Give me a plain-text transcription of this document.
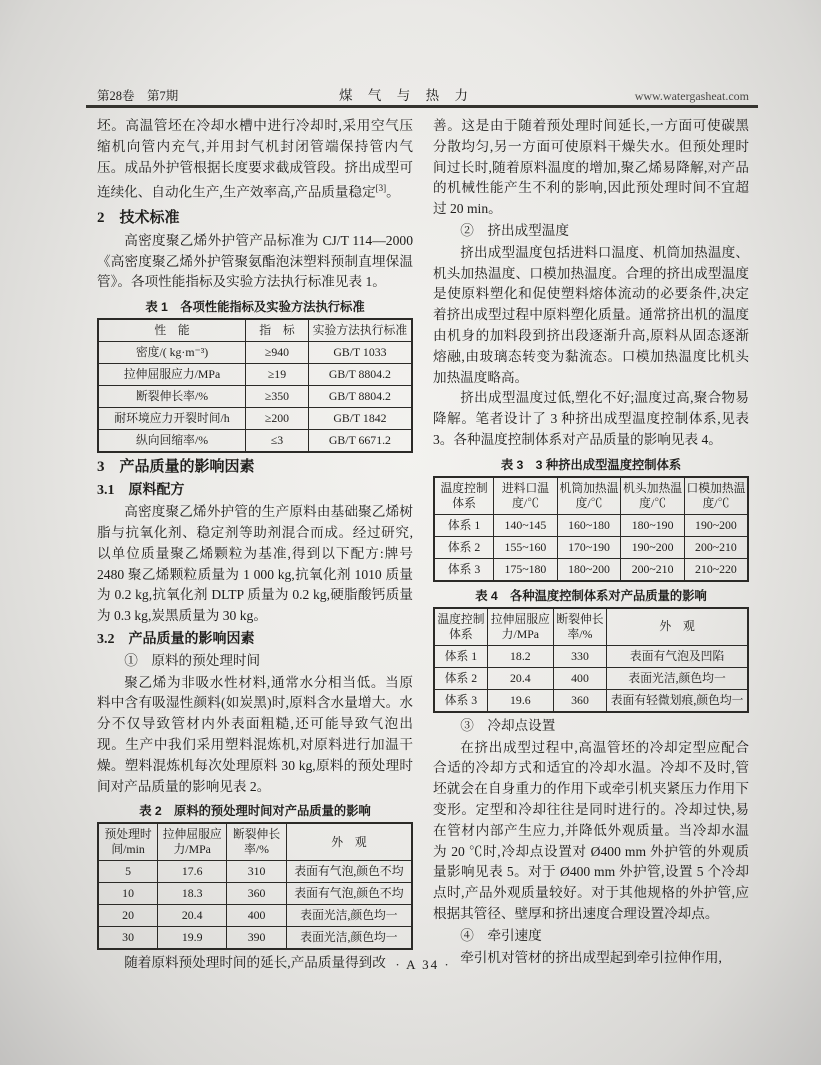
第28卷　第7期	煤 气 与 热 力	www.watergasheat.com

坯。高温管坯在冷却水槽中进行冷却时,采用空气压缩机向管内充气,并用封气机封闭管端保持管内气压。成品外护管根据长度要求截成管段。挤出成型可连续化、自动化生产,生产效率高,产品质量稳定[3]。

2　技术标准

高密度聚乙烯外护管产品标准为 CJ/T 114—2000《高密度聚乙烯外护管聚氨酯泡沫塑料预制直埋保温管》。各项性能指标及实验方法执行标准见表 1。

表 1　各项性能指标及实验方法执行标准
性　能	指　标	实验方法执行标准
密度/( kg·m⁻³)	≥940	GB/T 1033
拉伸屈服应力/MPa	≥19	GB/T 8804.2
断裂伸长率/%	≥350	GB/T 8804.2
耐环境应力开裂时间/h	≥200	GB/T 1842
纵向回缩率/%	≤3	GB/T 6671.2
3　产品质量的影响因素
3.1　原料配方

高密度聚乙烯外护管的生产原料由基础聚乙烯树脂与抗氧化剂、稳定剂等助剂混合而成。经过研究,以单位质量聚乙烯颗粒为基准,得到以下配方:牌号 2480 聚乙烯颗粒质量为 1 000 kg,抗氧化剂 1010 质量为 0.2 kg,抗氧化剂 DLTP 质量为 0.2 kg,硬脂酸钙质量为 0.3 kg,炭黑质量为 30 kg。

3.2　产品质量的影响因素

①　原料的预处理时间

聚乙烯为非吸水性材料,通常水分相当低。当原料中含有吸湿性颜料(如炭黑)时,原料含水量增大。水分不仅导致管材内外表面粗糙,还可能导致气泡出现。生产中我们采用塑料混炼机,对原料进行加温干燥。塑料混炼机每次处理原料 30 kg,原料的预处理时间对产品质量的影响见表 2。

表 2　原料的预处理时间对产品质量的影响
预处理时间/min	拉伸屈服应力/MPa	断裂伸长率/%	外　观
5	17.6	310	表面有气泡,颜色不均
10	18.3	360	表面有气泡,颜色不均
20	20.4	400	表面光洁,颜色均一
30	19.9	390	表面光洁,颜色均一

随着原料预处理时间的延长,产品质量得到改

善。这是由于随着预处理时间延长,一方面可使碳黑分散均匀,另一方面可使原料干燥失水。但预处理时间过长时,随着原料温度的增加,聚乙烯易降解,对产品的机械性能产生不利的影响,因此预处理时间不宜超过 20 min。

②　挤出成型温度

挤出成型温度包括进料口温度、机筒加热温度、机头加热温度、口模加热温度。合理的挤出成型温度是使原料塑化和促使塑料熔体流动的必要条件,决定着挤出成型过程中原料塑化质量。通常挤出机的温度由机身的加料段到挤出段逐渐升高,原料从固态逐渐熔融,由玻璃态转变为黏流态。口模加热温度比机头加热温度略高。

挤出成型温度过低,塑化不好;温度过高,聚合物易降解。笔者设计了 3 种挤出成型温度控制体系,见表 3。各种温度控制体系对产品质量的影响见表 4。

表 3　3 种挤出成型温度控制体系
温度控制体系	进料口温度/℃	机筒加热温度/℃	机头加热温度/℃	口模加热温度/℃
体系 1	140~145	160~180	180~190	190~200
体系 2	155~160	170~190	190~200	200~210
体系 3	175~180	180~200	200~210	210~220
表 4　各种温度控制体系对产品质量的影响
温度控制体系	拉伸屈服应力/MPa	断裂伸长率/%	外　观
体系 1	18.2	330	表面有气泡及凹陷
体系 2	20.4	400	表面光洁,颜色均一
体系 3	19.6	360	表面有轻微划痕,颜色均一

③　冷却点设置

在挤出成型过程中,高温管坯的冷却定型应配合合适的冷却方式和适宜的冷却水温。冷却不及时,管坯就会在自身重力的作用下或牵引机夹紧压力作用下变形。定型和冷却往往是同时进行的。冷却过快,易在管材内部产生应力,并降低外观质量。当冷却水温为 20 ℃时,冷却点设置对 Ø400 mm 外护管的外观质量影响见表 5。对于 Ø400 mm 外护管,设置 5 个冷却点时,产品外观质量较好。对于其他规格的外护管,应根据其管径、壁厚和挤出速度合理设置冷却点。

④　牵引速度

牵引机对管材的挤出成型起到牵引拉伸作用,

· A 34 ·
